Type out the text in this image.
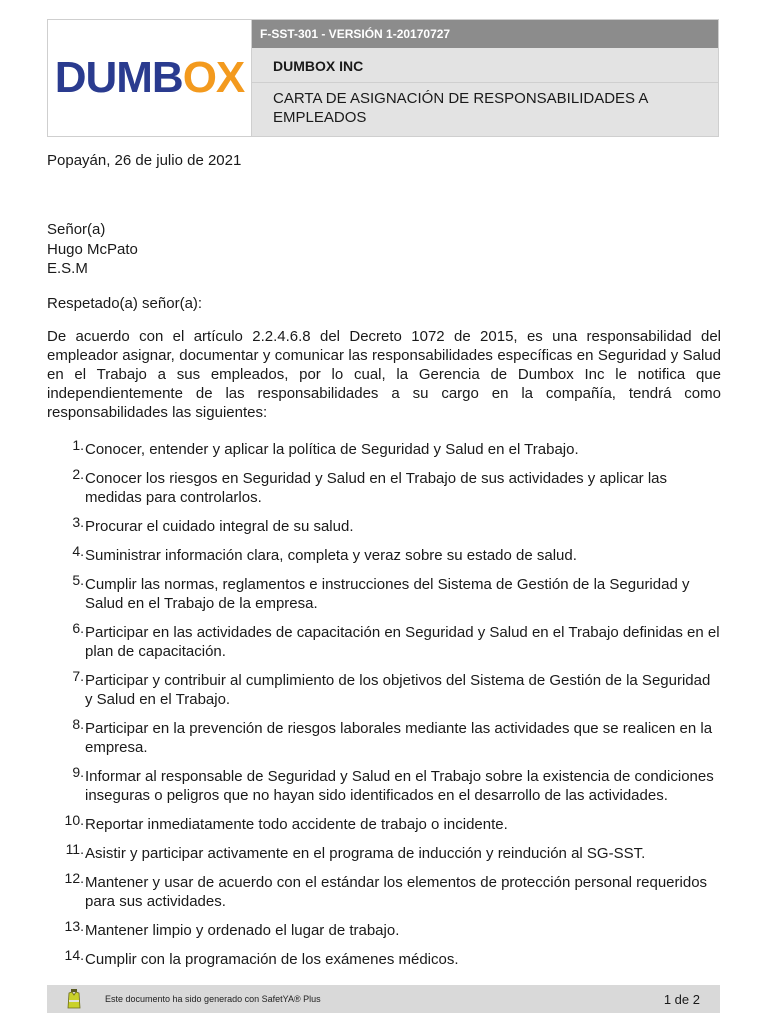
DUMBOX
F-SST-301 - VERSIÓN 1-20170727
DUMBOX INC
CARTA DE ASIGNACIÓN DE RESPONSABILIDADES A EMPLEADOS
Popayán, 26 de julio de 2021
Señor(a)
Hugo McPato
E.S.M
Respetado(a) señor(a):
De acuerdo con el artículo 2.2.4.6.8 del Decreto 1072 de 2015, es una responsabilidad del empleador asignar, documentar y comunicar las responsabilidades específicas en Seguridad y Salud en el Trabajo a sus empleados, por lo cual, la Gerencia de Dumbox Inc le notifica que independientemente de las responsabilidades a su cargo en la compañía, tendrá como responsabilidades las siguientes:
1. Conocer, entender y aplicar la política de Seguridad y Salud en el Trabajo.
2. Conocer los riesgos en Seguridad y Salud en el Trabajo de sus actividades y aplicar las medidas para controlarlos.
3. Procurar el cuidado integral de su salud.
4. Suministrar información clara, completa y veraz sobre su estado de salud.
5. Cumplir las normas, reglamentos e instrucciones del Sistema de Gestión de la Seguridad y Salud en el Trabajo de la empresa.
6. Participar en las actividades de capacitación en Seguridad y Salud en el Trabajo definidas en el plan de capacitación.
7. Participar y contribuir al cumplimiento de los objetivos del Sistema de Gestión de la Seguridad y Salud en el Trabajo.
8. Participar en la prevención de riesgos laborales mediante las actividades que se realicen en la empresa.
9. Informar al responsable de Seguridad y Salud en el Trabajo sobre la existencia de condiciones inseguras o peligros que no hayan sido identificados en el desarrollo de las actividades.
10. Reportar inmediatamente todo accidente de trabajo o incidente.
11. Asistir y participar activamente en el programa de inducción y reindución al SG-SST.
12. Mantener y usar de acuerdo con el estándar los elementos de protección personal requeridos para sus actividades.
13. Mantener limpio y ordenado el lugar de trabajo.
14. Cumplir con la programación de los exámenes médicos.
Este documento ha sido generado con SafetYA® Plus	1 de 2
